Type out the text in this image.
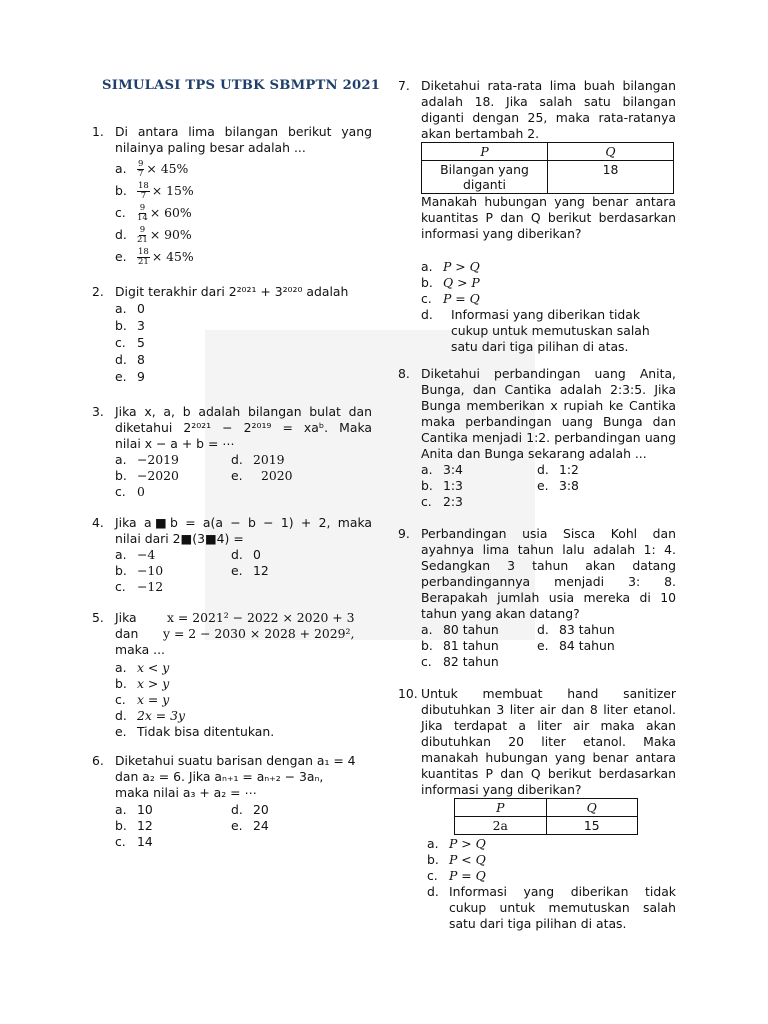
SIMULASI TPS UTBK SBMPTN 2021
1. Di antara lima bilangan berikut yang nilainya paling besar adalah ...
a.	$\frac{9}{7} \times 45\%$
b.	$\frac{18}{7} \times 15\%$
c.	$\frac{9}{14} \times 60\%$
d.	$\frac{9}{21} \times 90\%$
e.	$\frac{18}{21} \times 45\%$
2. Digit terakhir dari 2²⁰²¹ + 3²⁰²⁰ adalah
a. 0
b. 3
c. 5
d. 8
e. 9
3. Jika x, a, b adalah bilangan bulat dan
diketahui 2²⁰²¹ − 2²⁰¹⁹ = xaᵇ. Maka
nilai x − a + b = ⋯
a. −2019	d. 2019
b. −2020	e.	2020
c. 0
4. Jika a■b = a(a − b − 1) + 2, maka
nilai dari 2■(3■4) =
a. −4	d. 0
b. −10	e. 12
c. −12
5. Jika	x = 2021² − 2022 × 2020 + 3
dan	y = 2 − 2030 × 2028 + 2029²,
maka ...
a. x < y
b. x > y
c. x = y
d. 2x = 3y
e. Tidak bisa ditentukan.
6. Diketahui suatu barisan dengan a₁ = 4
dan a₂ = 6. Jika aₙ₊₁ = aₙ₊₂ − 3aₙ,
maka nilai a₃ + a₂ = ⋯
a. 10	d. 20
b. 12	e. 24
c. 14
7. Diketahui rata-rata lima buah bilangan adalah 18. Jika salah satu bilangan diganti dengan 25, maka rata-ratanya akan bertambah 2.
P	Q
Bilangan yang diganti	18
Manakah hubungan yang benar antara kuantitas P dan Q berikut berdasarkan informasi yang diberikan?
a. P > Q
b. Q > P
c. P = Q
d.	Informasi yang diberikan tidak cukup untuk memutuskan salah satu dari tiga pilihan di atas.
8. Diketahui perbandingan uang Anita, Bunga, dan Cantika adalah 2:3:5. Jika Bunga memberikan x rupiah ke Cantika maka perbandingan uang Bunga dan Cantika menjadi 1:2. perbandingan uang Anita dan Bunga sekarang adalah ...
a. 3:4	d. 1:2
b. 1:3	e. 3:8
c. 2:3
9. Perbandingan usia Sisca Kohl dan ayahnya lima tahun lalu adalah 1: 4. Sedangkan 3 tahun akan datang perbandingannya menjadi 3: 8. Berapakah jumlah usia mereka di 10 tahun yang akan datang?
a. 80 tahun	d. 83 tahun
b. 81 tahun	e. 84 tahun
c. 82 tahun
10. Untuk membuat hand sanitizer dibutuhkan 3 liter air dan 8 liter etanol. Jika terdapat a liter air maka akan dibutuhkan 20 liter etanol. Maka manakah hubungan yang benar antara kuantitas P dan Q berikut berdasarkan informasi yang diberikan?
P	Q
2a	15
a. P > Q
b. P < Q
c. P = Q
d. Informasi yang diberikan tidak cukup untuk memutuskan salah satu dari tiga pilihan di atas.
